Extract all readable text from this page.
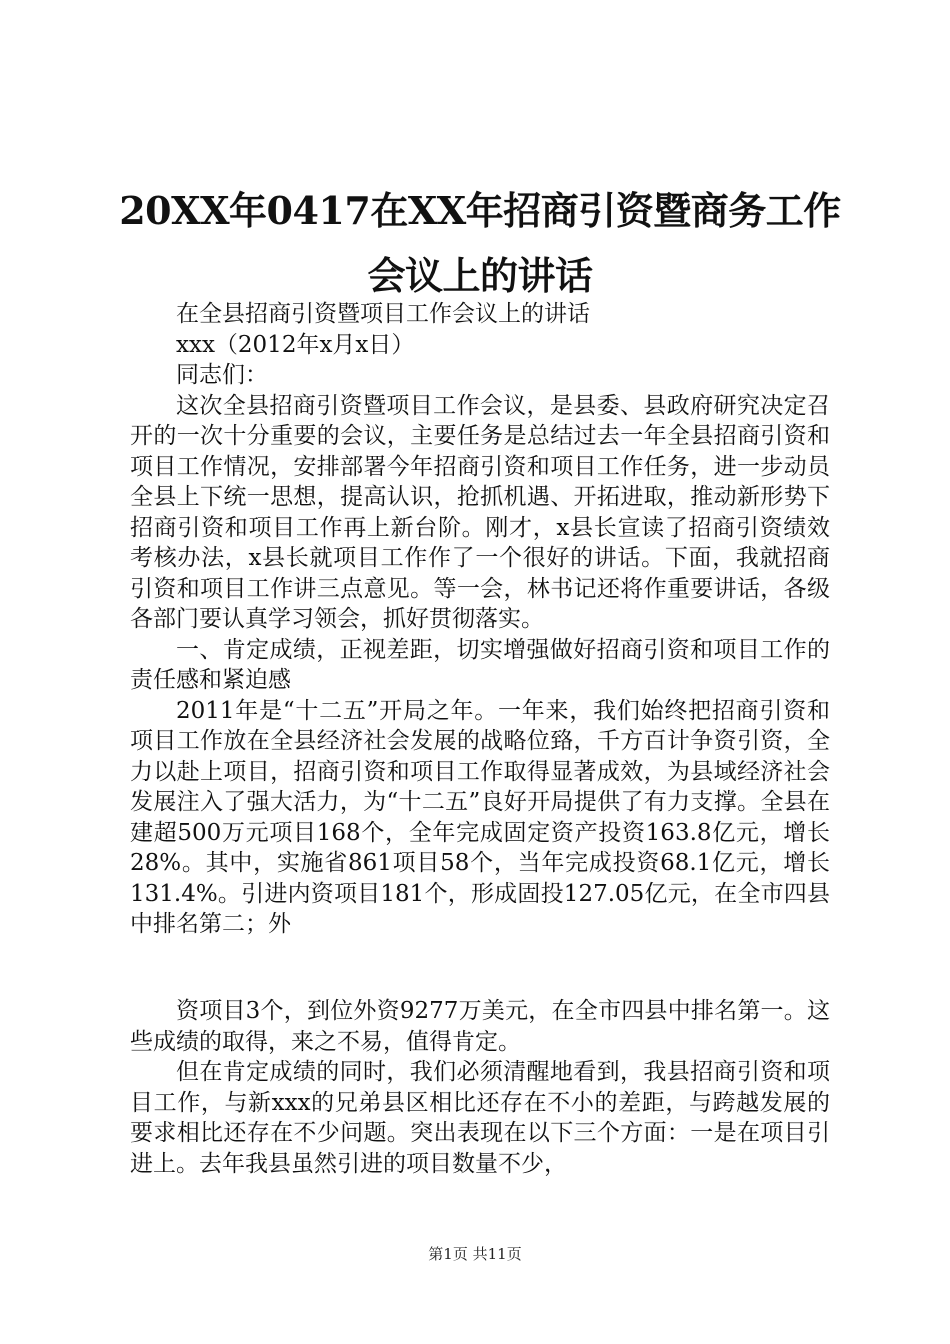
20XX年0417在XX年招商引资暨商务工作会议上的讲话

在全县招商引资暨项目工作会议上的讲话

xxx（2012年x月x日）

同志们：

这次全县招商引资暨项目工作会议，是县委、县政府研究决定召开的一次十分重要的会议，主要任务是总结过去一年全县招商引资和项目工作情况，安排部署今年招商引资和项目工作任务，进一步动员全县上下统一思想，提高认识，抢抓机遇、开拓进取，推动新形势下招商引资和项目工作再上新台阶。刚才，x县长宣读了招商引资绩效考核办法，x县长就项目工作作了一个很好的讲话。下面，我就招商引资和项目工作讲三点意见。等一会，林书记还将作重要讲话，各级各部门要认真学习领会，抓好贯彻落实。

一、肯定成绩，正视差距，切实增强做好招商引资和项目工作的责任感和紧迫感

2011年是“十二五”开局之年。一年来，我们始终把招商引资和项目工作放在全县经济社会发展的战略位臵，千方百计争资引资，全力以赴上项目，招商引资和项目工作取得显著成效，为县域经济社会发展注入了强大活力，为“十二五”良好开局提供了有力支撑。全县在建超500万元项目168个，全年完成固定资产投资163.8亿元，增长28%。其中，实施省861项目58个，当年完成投资68.1亿元，增长131.4%。引进内资项目181个，形成固投127.05亿元，在全市四县中排名第二；外

资项目3个，到位外资9277万美元，在全市四县中排名第一。这些成绩的取得，来之不易，值得肯定。

但在肯定成绩的同时，我们必须清醒地看到，我县招商引资和项目工作，与新xxx的兄弟县区相比还存在不小的差距，与跨越发展的要求相比还存在不少问题。突出表现在以下三个方面：一是在项目引进上。去年我县虽然引进的项目数量不少，

第1页 共11页
